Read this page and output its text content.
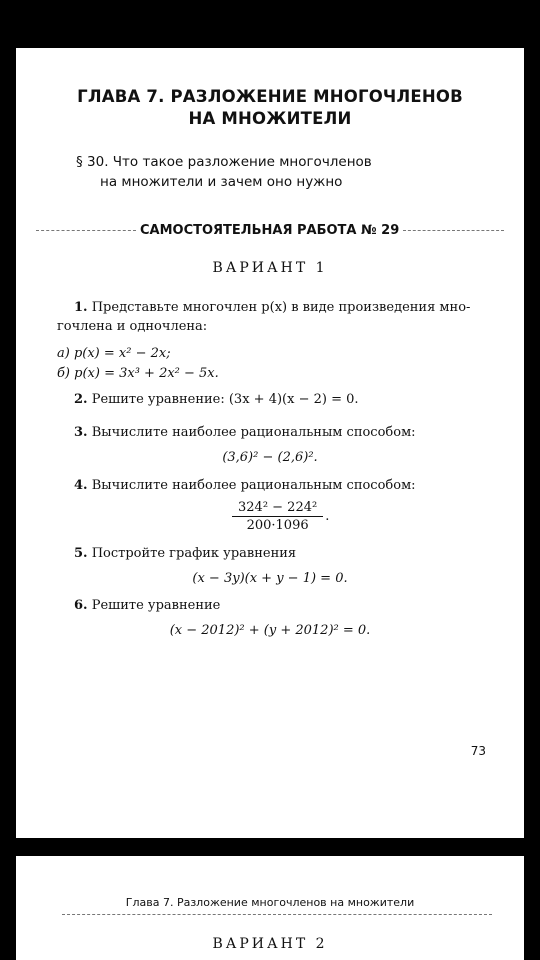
ГЛАВА 7. РАЗЛОЖЕНИЕ МНОГОЧЛЕНОВ
НА МНОЖИТЕЛИ
§ 30. Что такое разложение многочленов
на множители и зачем оно нужно
САМОСТОЯТЕЛЬНАЯ РАБОТА № 29
ВАРИАНТ 1
1. Представьте многочлен p(x) в виде произведения мно-
гочлена и одночлена:
а) p(x) = x² − 2x;
б) p(x) = 3x³ + 2x² − 5x.
2. Решите уравнение: (3x + 4)(x − 2) = 0.
3. Вычислите наиболее рациональным способом:
(3,6)² − (2,6)².
4. Вычислите наиболее рациональным способом:
$\frac{\text{324² − 224²}}{200\cdot 1096}$ .
5. Постройте график уравнения
(x − 3y)(x + y − 1) = 0.
6. Решите уравнение
(x − 2012)² + (y + 2012)² = 0.
73
Глава 7. Разложение многочленов на множители
ВАРИАНТ 2
